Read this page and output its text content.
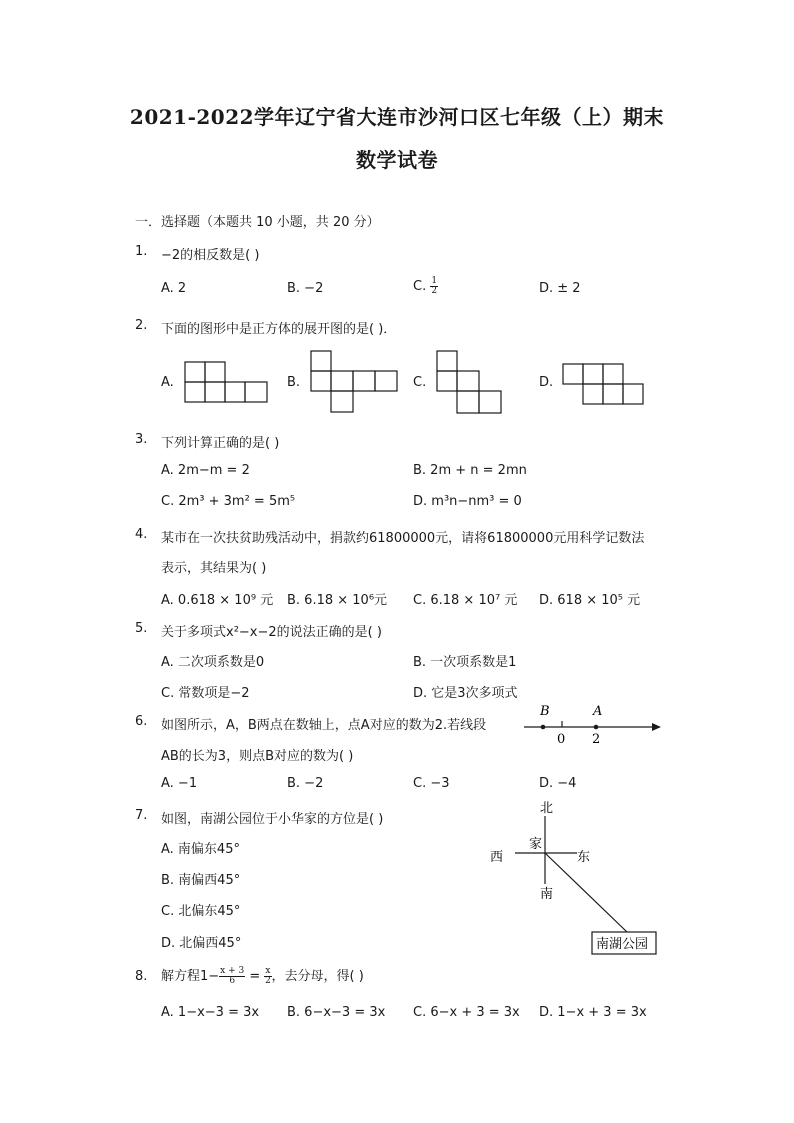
2021-2022学年辽宁省大连市沙河口区七年级（上）期末
数学试卷
一．选择题（本题共 10 小题，共 20 分）
1. −2的相反数是( )
A. 2	B. −2	C. $\frac{1}{2}$	D. ± 2
2. 下面的图形中是正方体的展开图的是( )．
A.	B.	C.	D.
3. 下列计算正确的是( )
A. 2m−m = 2	B. 2m + n = 2mn
C. 2m³ + 3m² = 5m⁵	D. m³n−nm³ = 0
4. 某市在一次扶贫助残活动中，捐款约61800000元，请将61800000元用科学记数法
表示，其结果为( )
A. 0.618 × 10⁹ 元 B. 6.18 × 10⁶元 C. 6.18 × 10⁷ 元 D. 618 × 10⁵ 元
5. 关于多项式x²−x−2的说法正确的是( )
A. 二次项系数是0	B. 一次项系数是1
C. 常数项是−2	D. 它是3次多项式
6. 如图所示，A，B两点在数轴上，点A对应的数为2.若线段
AB的长为3，则点B对应的数为( )
B	A
0 2
A. −1	B. −2	C. −3	D. −4
7. 如图，南湖公园位于小华家的方位是( )
A. 南偏东45°
B. 南偏西45°
C. 北偏东45°
D. 北偏西45°
北
南
西	东
家
南湖公园
8. 解方程$1- \frac{x + 3}{6} = \frac{x}{2}$ ，去分母，得( )
A. 1−x−3 = 3x B. 6−x−3 = 3x C. 6−x + 3 = 3x D. 1−x + 3 = 3x
